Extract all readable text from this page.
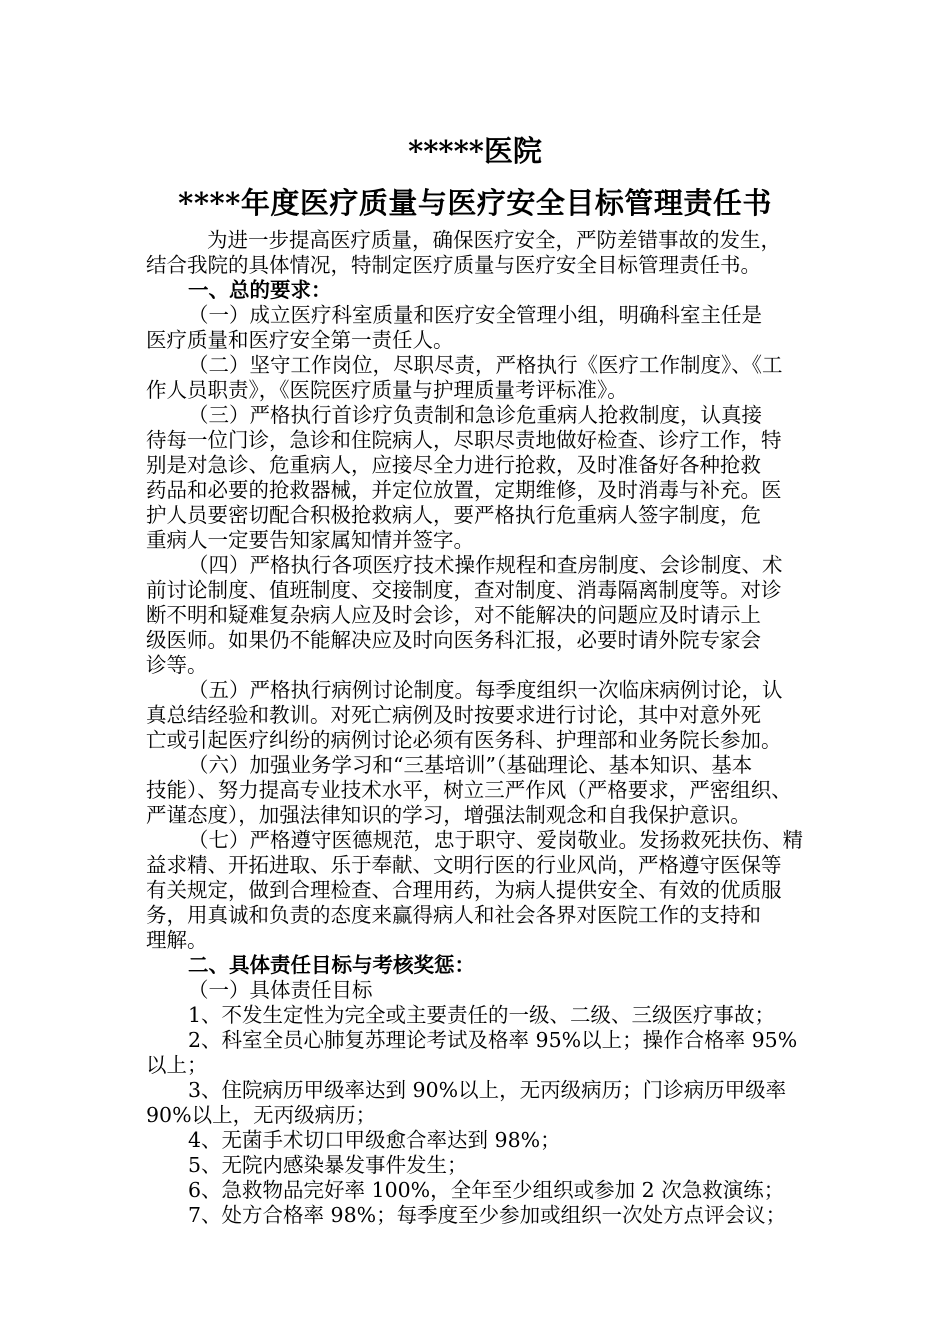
*****医院
****年度医疗质量与医疗安全目标管理责任书
为进一步提高医疗质量，确保医疗安全，严防差错事故的发生，
结合我院的具体情况，特制定医疗质量与医疗安全目标管理责任书。
一、总的要求：
（一）成立医疗科室质量和医疗安全管理小组，明确科室主任是
医疗质量和医疗安全第一责任人。
（二）坚守工作岗位，尽职尽责，严格执行《医疗工作制度》、《工
作人员职责》，《医院医疗质量与护理质量考评标准》。
（三）严格执行首诊疗负责制和急诊危重病人抢救制度，认真接
待每一位门诊，急诊和住院病人，尽职尽责地做好检查、诊疗工作，特
别是对急诊、危重病人，应接尽全力进行抢救，及时准备好各种抢救
药品和必要的抢救器械，并定位放置，定期维修，及时消毒与补充。医
护人员要密切配合积极抢救病人，要严格执行危重病人签字制度，危
重病人一定要告知家属知情并签字。
（四）严格执行各项医疗技术操作规程和查房制度、会诊制度、术
前讨论制度、值班制度、交接制度，查对制度、消毒隔离制度等。对诊
断不明和疑难复杂病人应及时会诊，对不能解决的问题应及时请示上
级医师。如果仍不能解决应及时向医务科汇报，必要时请外院专家会
诊等。
（五）严格执行病例讨论制度。每季度组织一次临床病例讨论，认
真总结经验和教训。对死亡病例及时按要求进行讨论，其中对意外死
亡或引起医疗纠纷的病例讨论必须有医务科、护理部和业务院长参加。
（六）加强业务学习和“三基培训”（基础理论、基本知识、基本
技能）、努力提高专业技术水平，树立三严作风（严格要求，严密组织、
严谨态度），加强法律知识的学习，增强法制观念和自我保护意识。
（七）严格遵守医德规范，忠于职守、爱岗敬业。发扬救死扶伤、精
益求精、开拓进取、乐于奉献、文明行医的行业风尚，严格遵守医保等
有关规定，做到合理检查、合理用药，为病人提供安全、有效的优质服
务，用真诚和负责的态度来赢得病人和社会各界对医院工作的支持和
理解。
二、具体责任目标与考核奖惩：
（一）具体责任目标
1、不发生定性为完全或主要责任的一级、二级、三级医疗事故；
2、科室全员心肺复苏理论考试及格率 95%以上；操作合格率 95%
以上；
3、住院病历甲级率达到 90%以上，无丙级病历；门诊病历甲级率
90%以上，无丙级病历；
4、无菌手术切口甲级愈合率达到 98%；
5、无院内感染暴发事件发生；
6、急救物品完好率 100%，全年至少组织或参加 2 次急救演练；
7、处方合格率 98%；每季度至少参加或组织一次处方点评会议；
